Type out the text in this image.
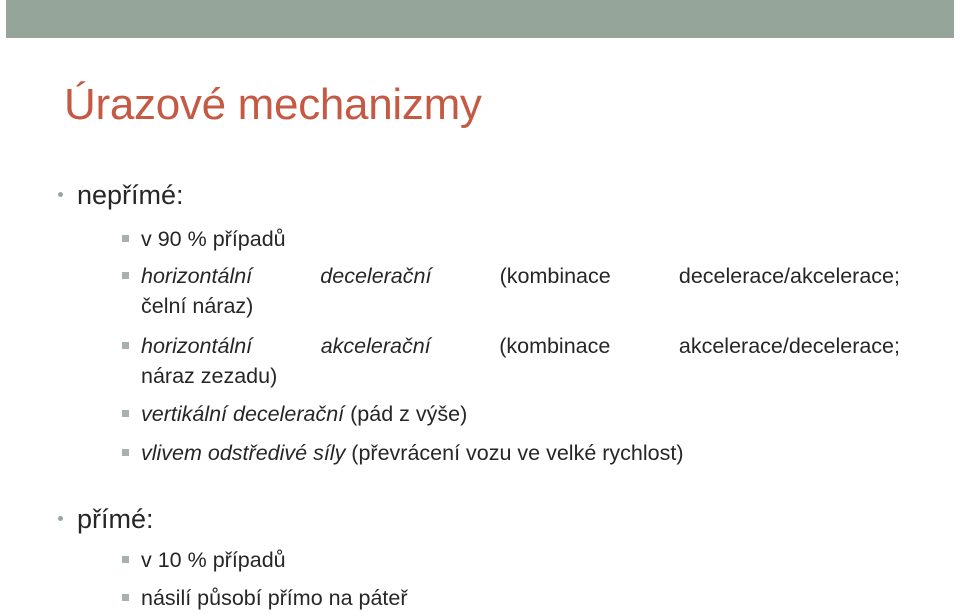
Úrazové mechanizmy
nepřímé:
v 90 % případů
horizontální	decelerační	(kombinace	decelerace/akcelerace;
čelní náraz)
horizontální	akcelerační	(kombinace	akcelerace/decelerace;
náraz zezadu)
vertikální decelerační (pád z výše)
vlivem odstředivé síly (převrácení vozu ve velké rychlost)
přímé:
v 10 % případů
násilí působí přímo na páteř
